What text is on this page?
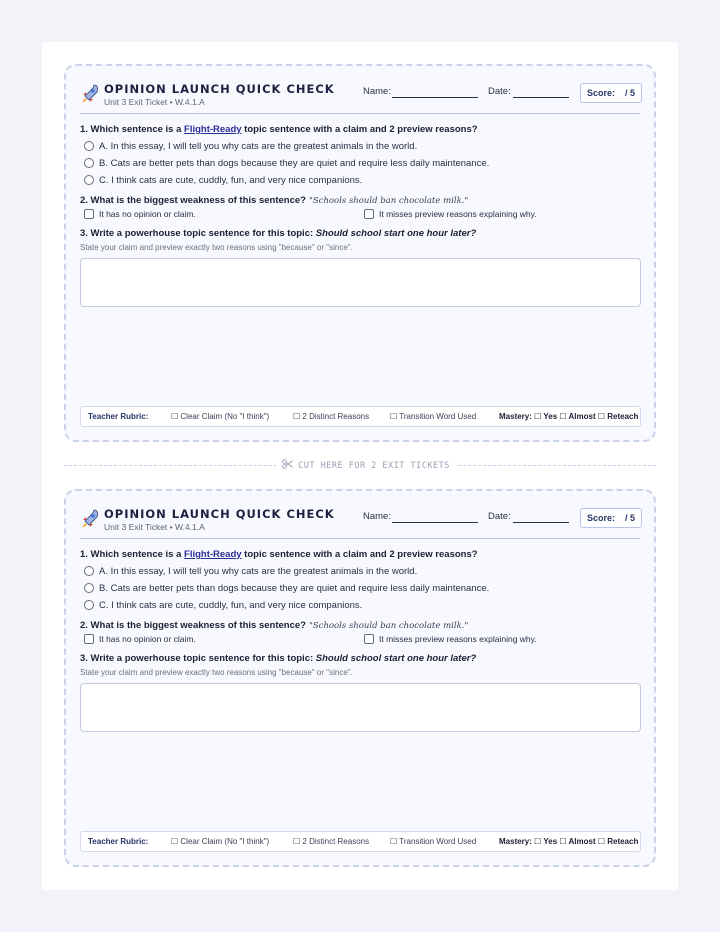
OPINION LAUNCH QUICK CHECK
Unit 3 Exit Ticket • W.4.1.A
Name:	Date:	Score: / 5
1. Which sentence is a Flight-Ready topic sentence with a claim and 2 preview reasons?
A. In this essay, I will tell you why cats are the greatest animals in the world.
B. Cats are better pets than dogs because they are quiet and require less daily maintenance.
C. I think cats are cute, cuddly, fun, and very nice companions.
2. What is the biggest weakness of this sentence? "Schools should ban chocolate milk."
It has no opinion or claim.	It misses preview reasons explaining why.
3. Write a powerhouse topic sentence for this topic: Should school start one hour later?
State your claim and preview exactly two reasons using "because" or "since".
Teacher Rubric:	☐ Clear Claim (No "I think")	☐ 2 Distinct Reasons	☐ Transition Word Used	Mastery: ☐ Yes ☐ Almost ☐ Reteach
CUT HERE FOR 2 EXIT TICKETS
OPINION LAUNCH QUICK CHECK
Unit 3 Exit Ticket • W.4.1.A
Name:	Date:	Score: / 5
1. Which sentence is a Flight-Ready topic sentence with a claim and 2 preview reasons?
A. In this essay, I will tell you why cats are the greatest animals in the world.
B. Cats are better pets than dogs because they are quiet and require less daily maintenance.
C. I think cats are cute, cuddly, fun, and very nice companions.
2. What is the biggest weakness of this sentence? "Schools should ban chocolate milk."
It has no opinion or claim.	It misses preview reasons explaining why.
3. Write a powerhouse topic sentence for this topic: Should school start one hour later?
State your claim and preview exactly two reasons using "because" or "since".
Teacher Rubric:	☐ Clear Claim (No "I think")	☐ 2 Distinct Reasons	☐ Transition Word Used	Mastery: ☐ Yes ☐ Almost ☐ Reteach
